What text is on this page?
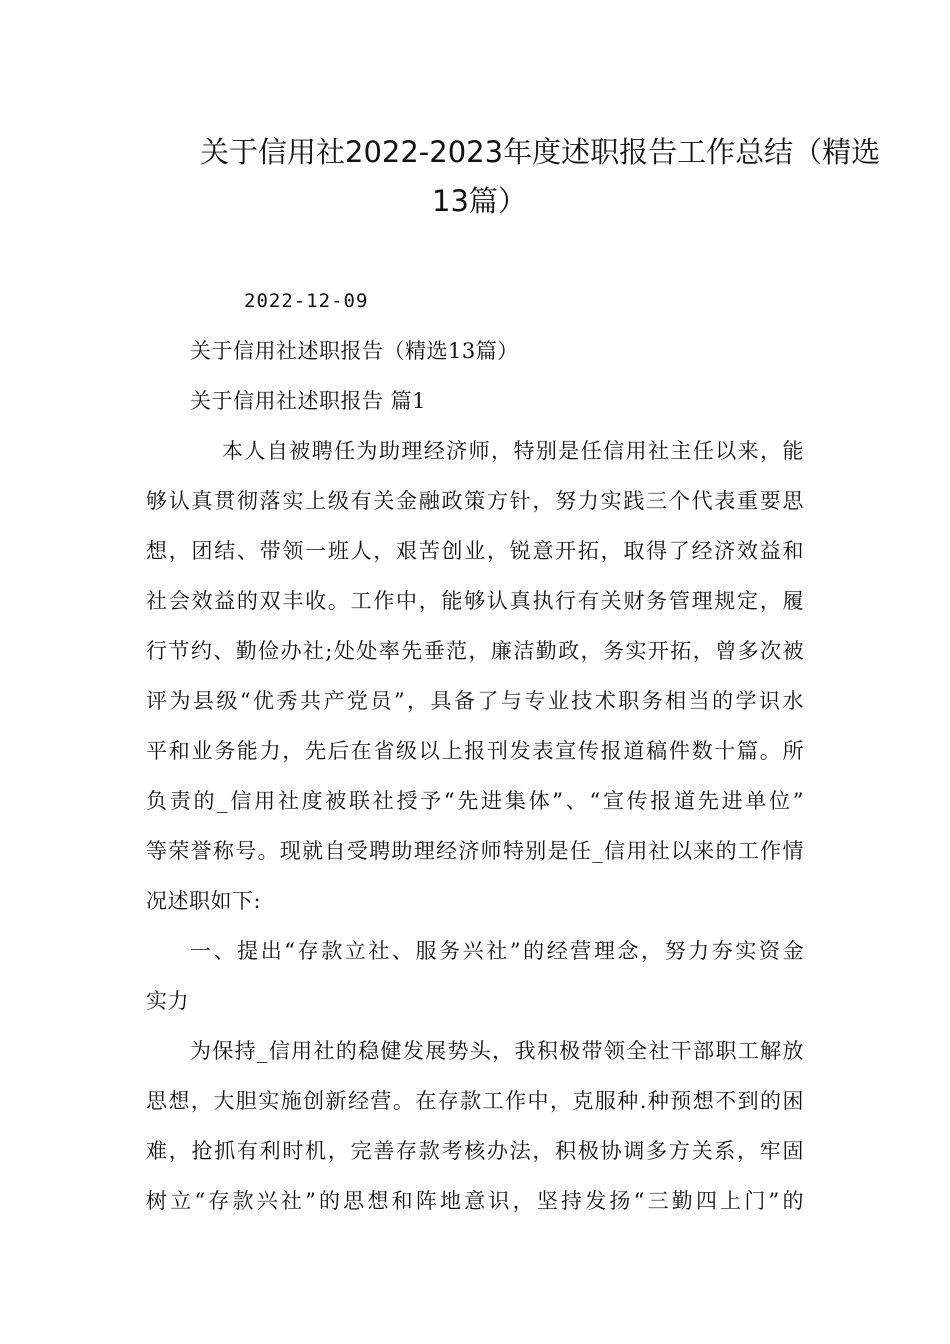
关于信用社2022-2023年度述职报告工作总结（精选
13篇）
2022-12-09
关于信用社述职报告（精选13篇）
关于信用社述职报告 篇1
本人自被聘任为助理经济师，特别是任信用社主任以来，能
够认真贯彻落实上级有关金融政策方针，努力实践三个代表重要思
想，团结、带领一班人，艰苦创业，锐意开拓，取得了经济效益和
社会效益的双丰收。工作中，能够认真执行有关财务管理规定，履
行节约、勤俭办社;处处率先垂范，廉洁勤政，务实开拓，曾多次被
评为县级“优秀共产党员”，具备了与专业技术职务相当的学识水
平和业务能力，先后在省级以上报刊发表宣传报道稿件数十篇。所
负责的_信用社度被联社授予“先进集体”、“宣传报道先进单位”
等荣誉称号。现就自受聘助理经济师特别是任_信用社以来的工作情
况述职如下:
一、提出“存款立社、服务兴社”的经营理念，努力夯实资金
实力
为保持_信用社的稳健发展势头，我积极带领全社干部职工解放
思想，大胆实施创新经营。在存款工作中，克服种.种预想不到的困
难，抢抓有利时机，完善存款考核办法，积极协调多方关系，牢固
树立“存款兴社”的思想和阵地意识，坚持发扬“三勤四上门”的
